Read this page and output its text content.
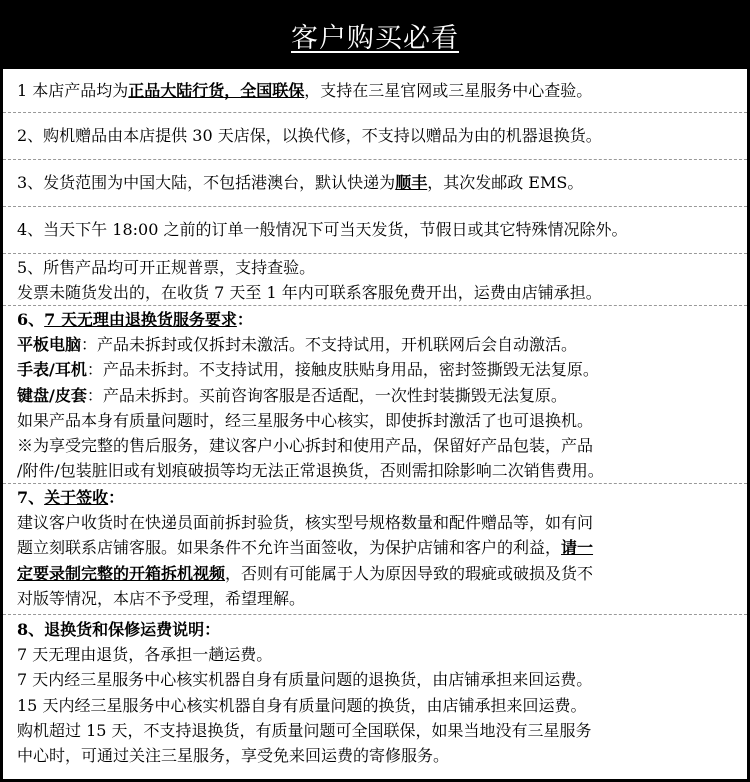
客户购买必看
1 本店产品均为正品大陆行货，全国联保，支持在三星官网或三星服务中心查验。
2、购机赠品由本店提供 30 天店保，以换代修，不支持以赠品为由的机器退换货。
3、发货范围为中国大陆，不包括港澳台，默认快递为顺丰，其次发邮政 EMS。
4、当天下午 18:00 之前的订单一般情况下可当天发货，节假日或其它特殊情况除外。
5、所售产品均可开正规普票，支持查验。
发票未随货发出的，在收货 7 天至 1 年内可联系客服免费开出，运费由店铺承担。
6、7 天无理由退换货服务要求：
平板电脑：产品未拆封或仅拆封未激活。不支持试用，开机联网后会自动激活。
手表/耳机：产品未拆封。不支持试用，接触皮肤贴身用品，密封签撕毁无法复原。
键盘/皮套：产品未拆封。买前咨询客服是否适配，一次性封装撕毁无法复原。
如果产品本身有质量问题时，经三星服务中心核实，即使拆封激活了也可退换机。
※为享受完整的售后服务，建议客户小心拆封和使用产品，保留好产品包装，产品
/附件/包装脏旧或有划痕破损等均无法正常退换货，否则需扣除影响二次销售费用。
7、关于签收：
建议客户收货时在快递员面前拆封验货，核实型号规格数量和配件赠品等，如有问
题立刻联系店铺客服。如果条件不允许当面签收，为保护店铺和客户的利益，请一
定要录制完整的开箱拆机视频，否则有可能属于人为原因导致的瑕疵或破损及货不
对版等情况，本店不予受理，希望理解。
8、退换货和保修运费说明：
7 天无理由退货，各承担一趟运费。
7 天内经三星服务中心核实机器自身有质量问题的退换货，由店铺承担来回运费。
15 天内经三星服务中心核实机器自身有质量问题的换货，由店铺承担来回运费。
购机超过 15 天，不支持退换货，有质量问题可全国联保，如果当地没有三星服务
中心时，可通过关注三星服务，享受免来回运费的寄修服务。
